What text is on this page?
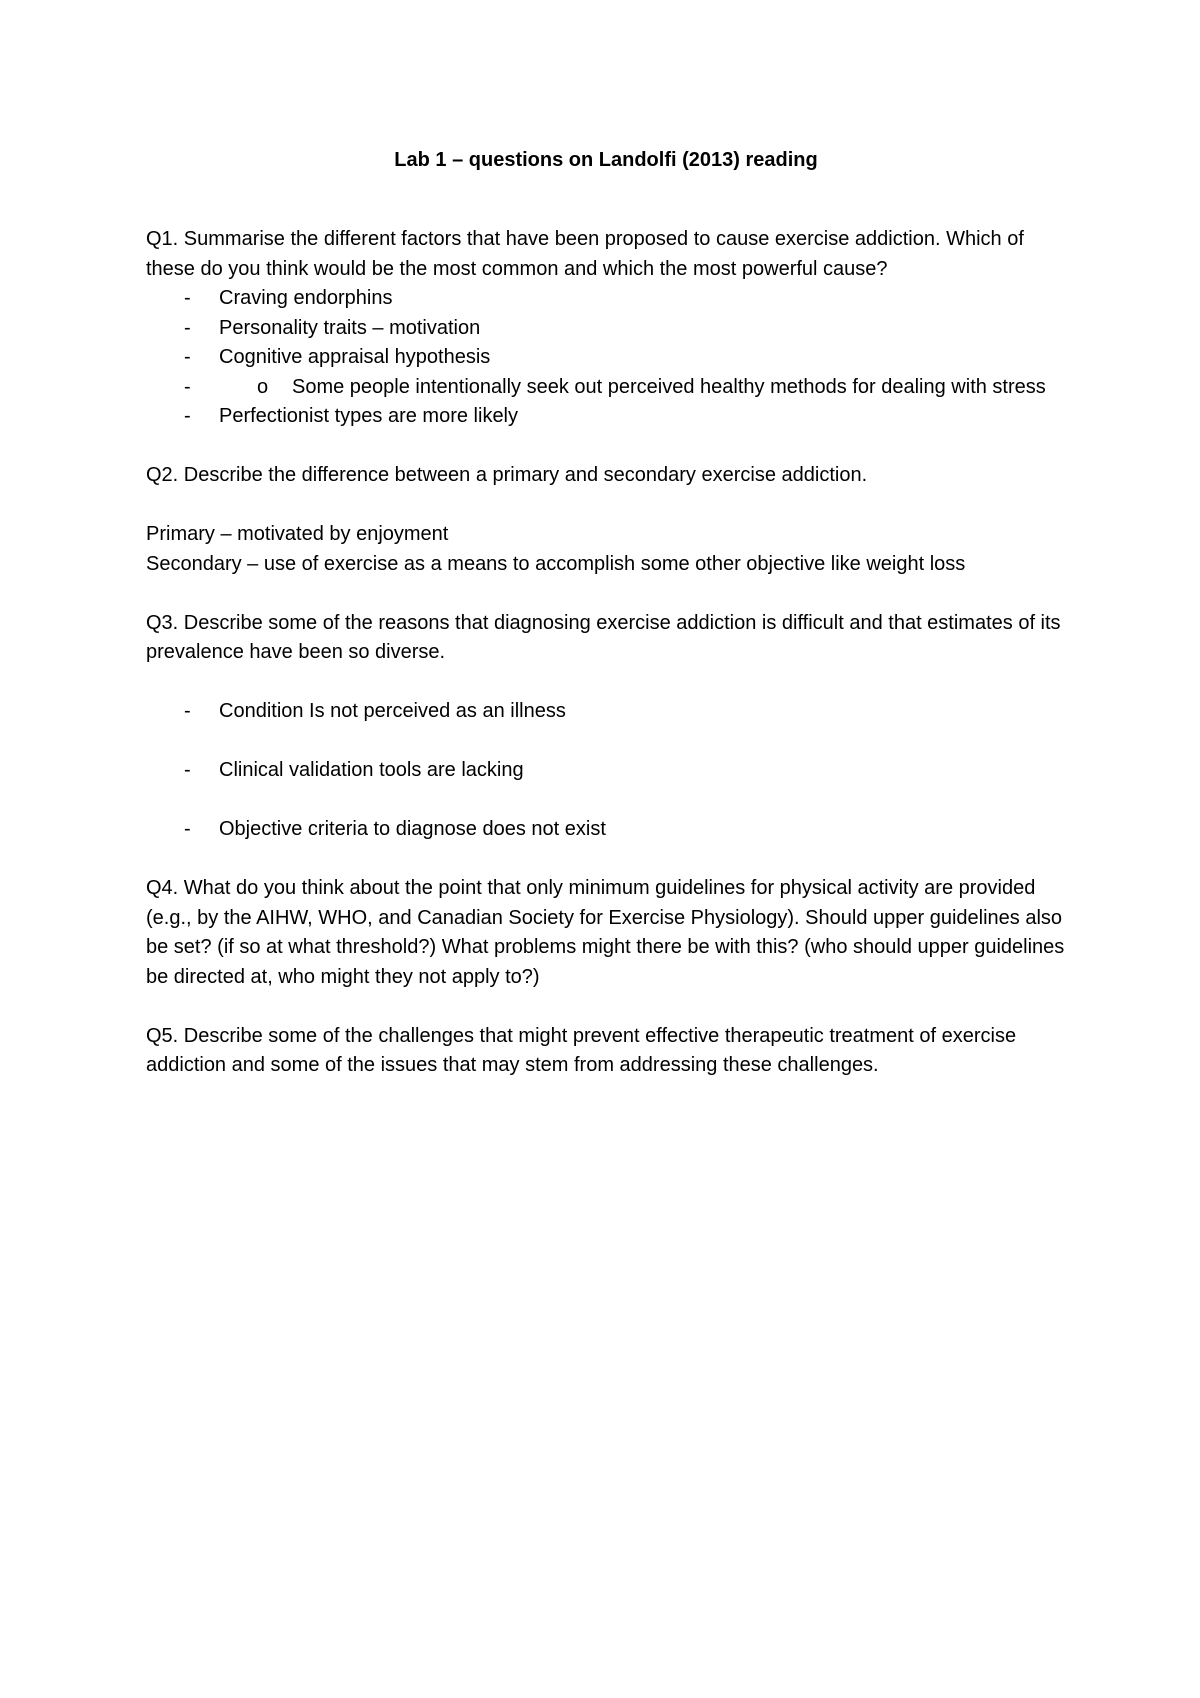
Lab 1 – questions on Landolfi (2013) reading

Q1. Summarise the different factors that have been proposed to cause exercise addiction. Which of these do you think would be the most common and which the most powerful cause?

- Craving endorphins
- Personality traits – motivation
- Cognitive appraisal hypothesis
o - Some people intentionally seek out perceived healthy methods for dealing with stress
- Perfectionist types are more likely

Q2. Describe the difference between a primary and secondary exercise addiction.

Primary – motivated by enjoyment

Secondary – use of exercise as a means to accomplish some other objective like weight loss

Q3. Describe some of the reasons that diagnosing exercise addiction is difficult and that estimates of its prevalence have been so diverse.

- Condition Is not perceived as an illness
- Clinical validation tools are lacking
- Objective criteria to diagnose does not exist

Q4. What do you think about the point that only minimum guidelines for physical activity are provided (e.g., by the AIHW, WHO, and Canadian Society for Exercise Physiology). Should upper guidelines also be set? (if so at what threshold?) What problems might there be with this? (who should upper guidelines be directed at, who might they not apply to?)

Q5. Describe some of the challenges that might prevent effective therapeutic treatment of exercise addiction and some of the issues that may stem from addressing these challenges.
